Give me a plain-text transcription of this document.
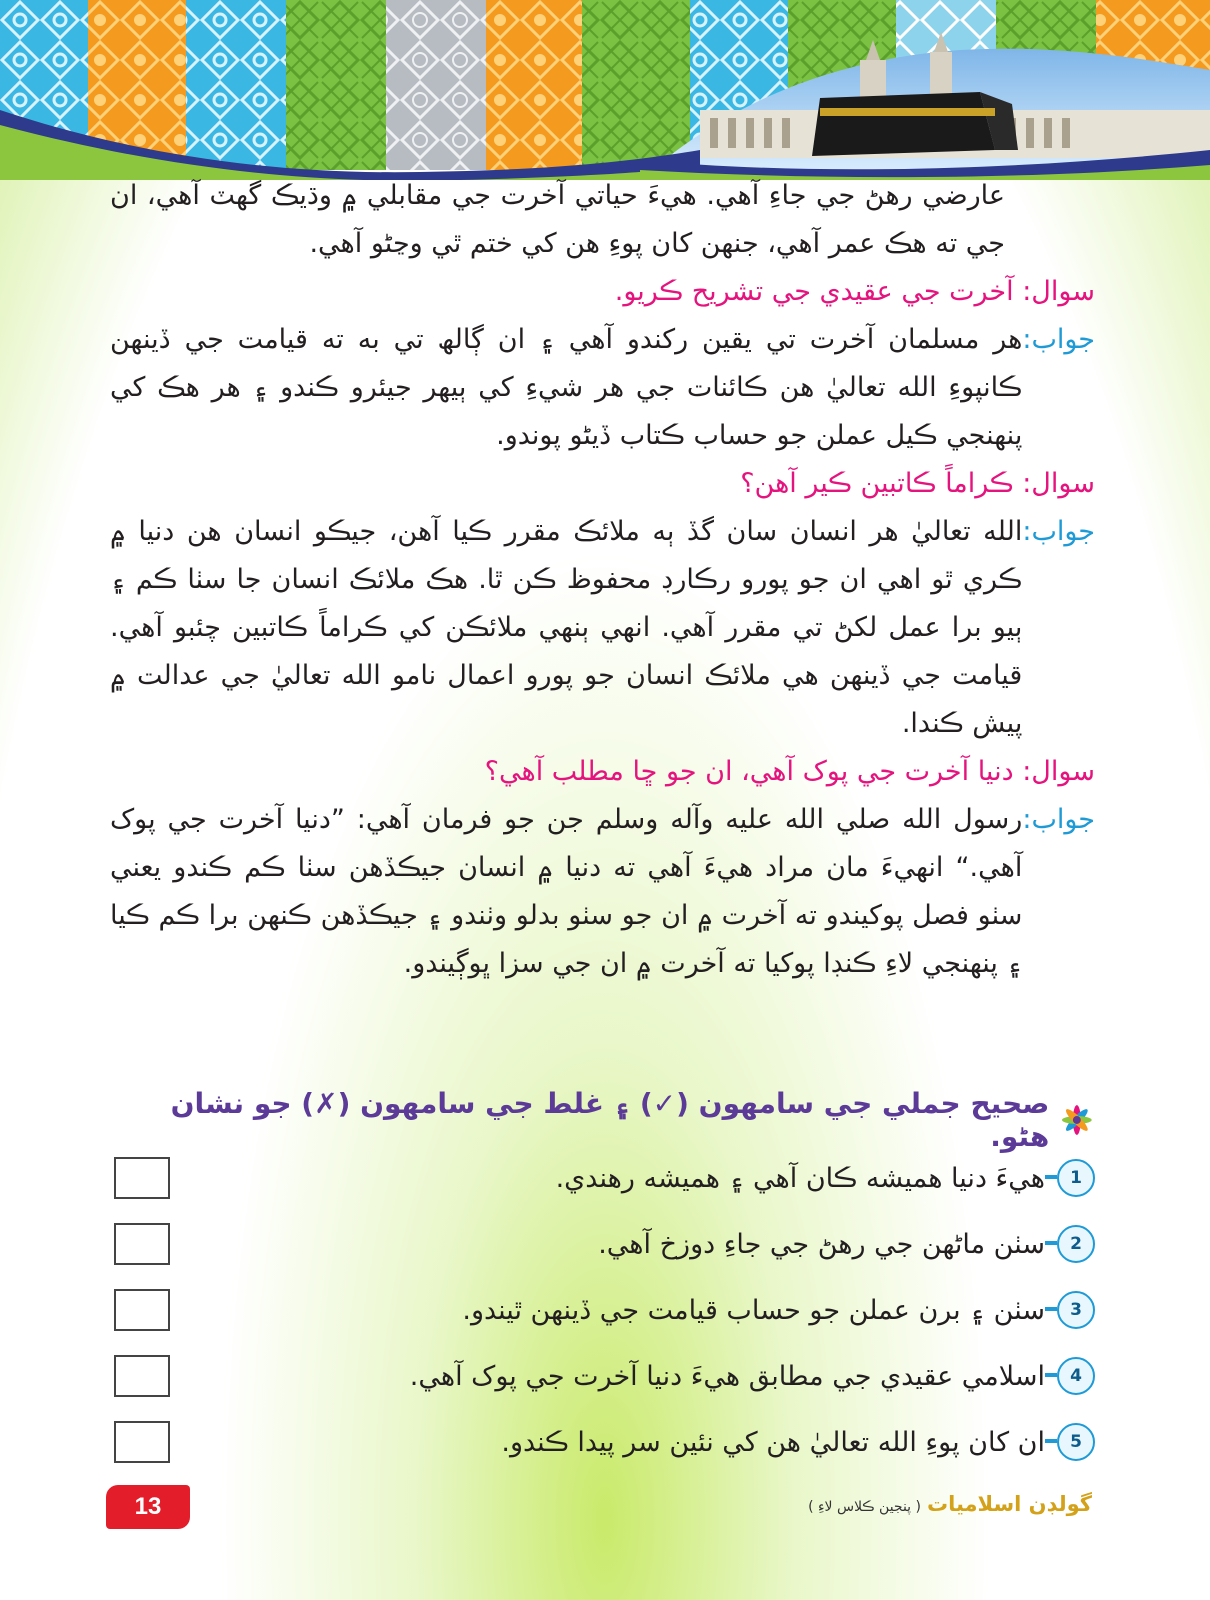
عارضي رهڻ جي جاءِ آهي. هيءَ حياتي آخرت جي مقابلي ۾ وڌيڪ گهٽ آهي، ان جي ته هڪ عمر آهي، جنهن کان پوءِ هن کي ختم ٿي وڃڻو آهي.
سوال: آخرت جي عقيدي جي تشريح ڪريو.
جواب:
هر مسلمان آخرت تي يقين رکندو آهي ۽ ان ڳالھ تي به ته قيامت جي ڏينهن ڪانپوءِ الله تعاليٰ هن ڪائنات جي هر شيءِ کي ٻيهر جيئرو ڪندو ۽ هر هڪ کي پنهنجي ڪيل عملن جو حساب ڪتاب ڏيڻو پوندو.
سوال: ڪراماً ڪاتبين ڪير آهن؟
جواب:
الله تعاليٰ هر انسان سان گڏ ٻه ملائڪ مقرر ڪيا آهن، جيڪو انسان هن دنيا ۾ ڪري ٿو اهي ان جو پورو رڪارڊ محفوظ ڪن ٿا. هڪ ملائڪ انسان جا سٺا ڪم ۽ ٻيو برا عمل لکڻ تي مقرر آهي. انهي ٻنهي ملائڪن کي ڪراماً ڪاتبين چئبو آهي. قيامت جي ڏينهن هي ملائڪ انسان جو پورو اعمال نامو الله تعاليٰ جي عدالت ۾ پيش ڪندا.
سوال: دنيا آخرت جي پوک آهي، ان جو ڇا مطلب آهي؟
جواب:
رسول الله صلي الله عليه وآله وسلم جن جو فرمان آهي: ”دنيا آخرت جي پوک آهي.“ انهيءَ مان مراد هيءَ آهي ته دنيا ۾ انسان جيڪڏهن سٺا ڪم ڪندو يعني سٺو فصل پوکيندو ته آخرت ۾ ان جو سٺو بدلو وٺندو ۽ جيڪڏهن ڪنهن برا ڪم ڪيا ۽ پنهنجي لاءِ ڪنڊا پوکيا ته آخرت ۾ ان جي سزا ڀوڳيندو.
صحيح جملي جي سامهون (✓) ۽ غلط جي سامهون (✗) جو نشان هڻو.
1
هيءَ دنيا هميشه ڪان آهي ۽ هميشه رهندي.
2
سٺن ماڻهن جي رهڻ جي جاءِ دوزخ آهي.
3
سٺن ۽ برن عملن جو حساب قيامت جي ڏينهن ٿيندو.
4
اسلامي عقيدي جي مطابق هيءَ دنيا آخرت جي پوک آهي.
5
ان کان پوءِ الله تعاليٰ هن کي نئين سر پيدا ڪندو.
13	گولڊن اسلاميات
( پنجين ڪلاس لاءِ )
